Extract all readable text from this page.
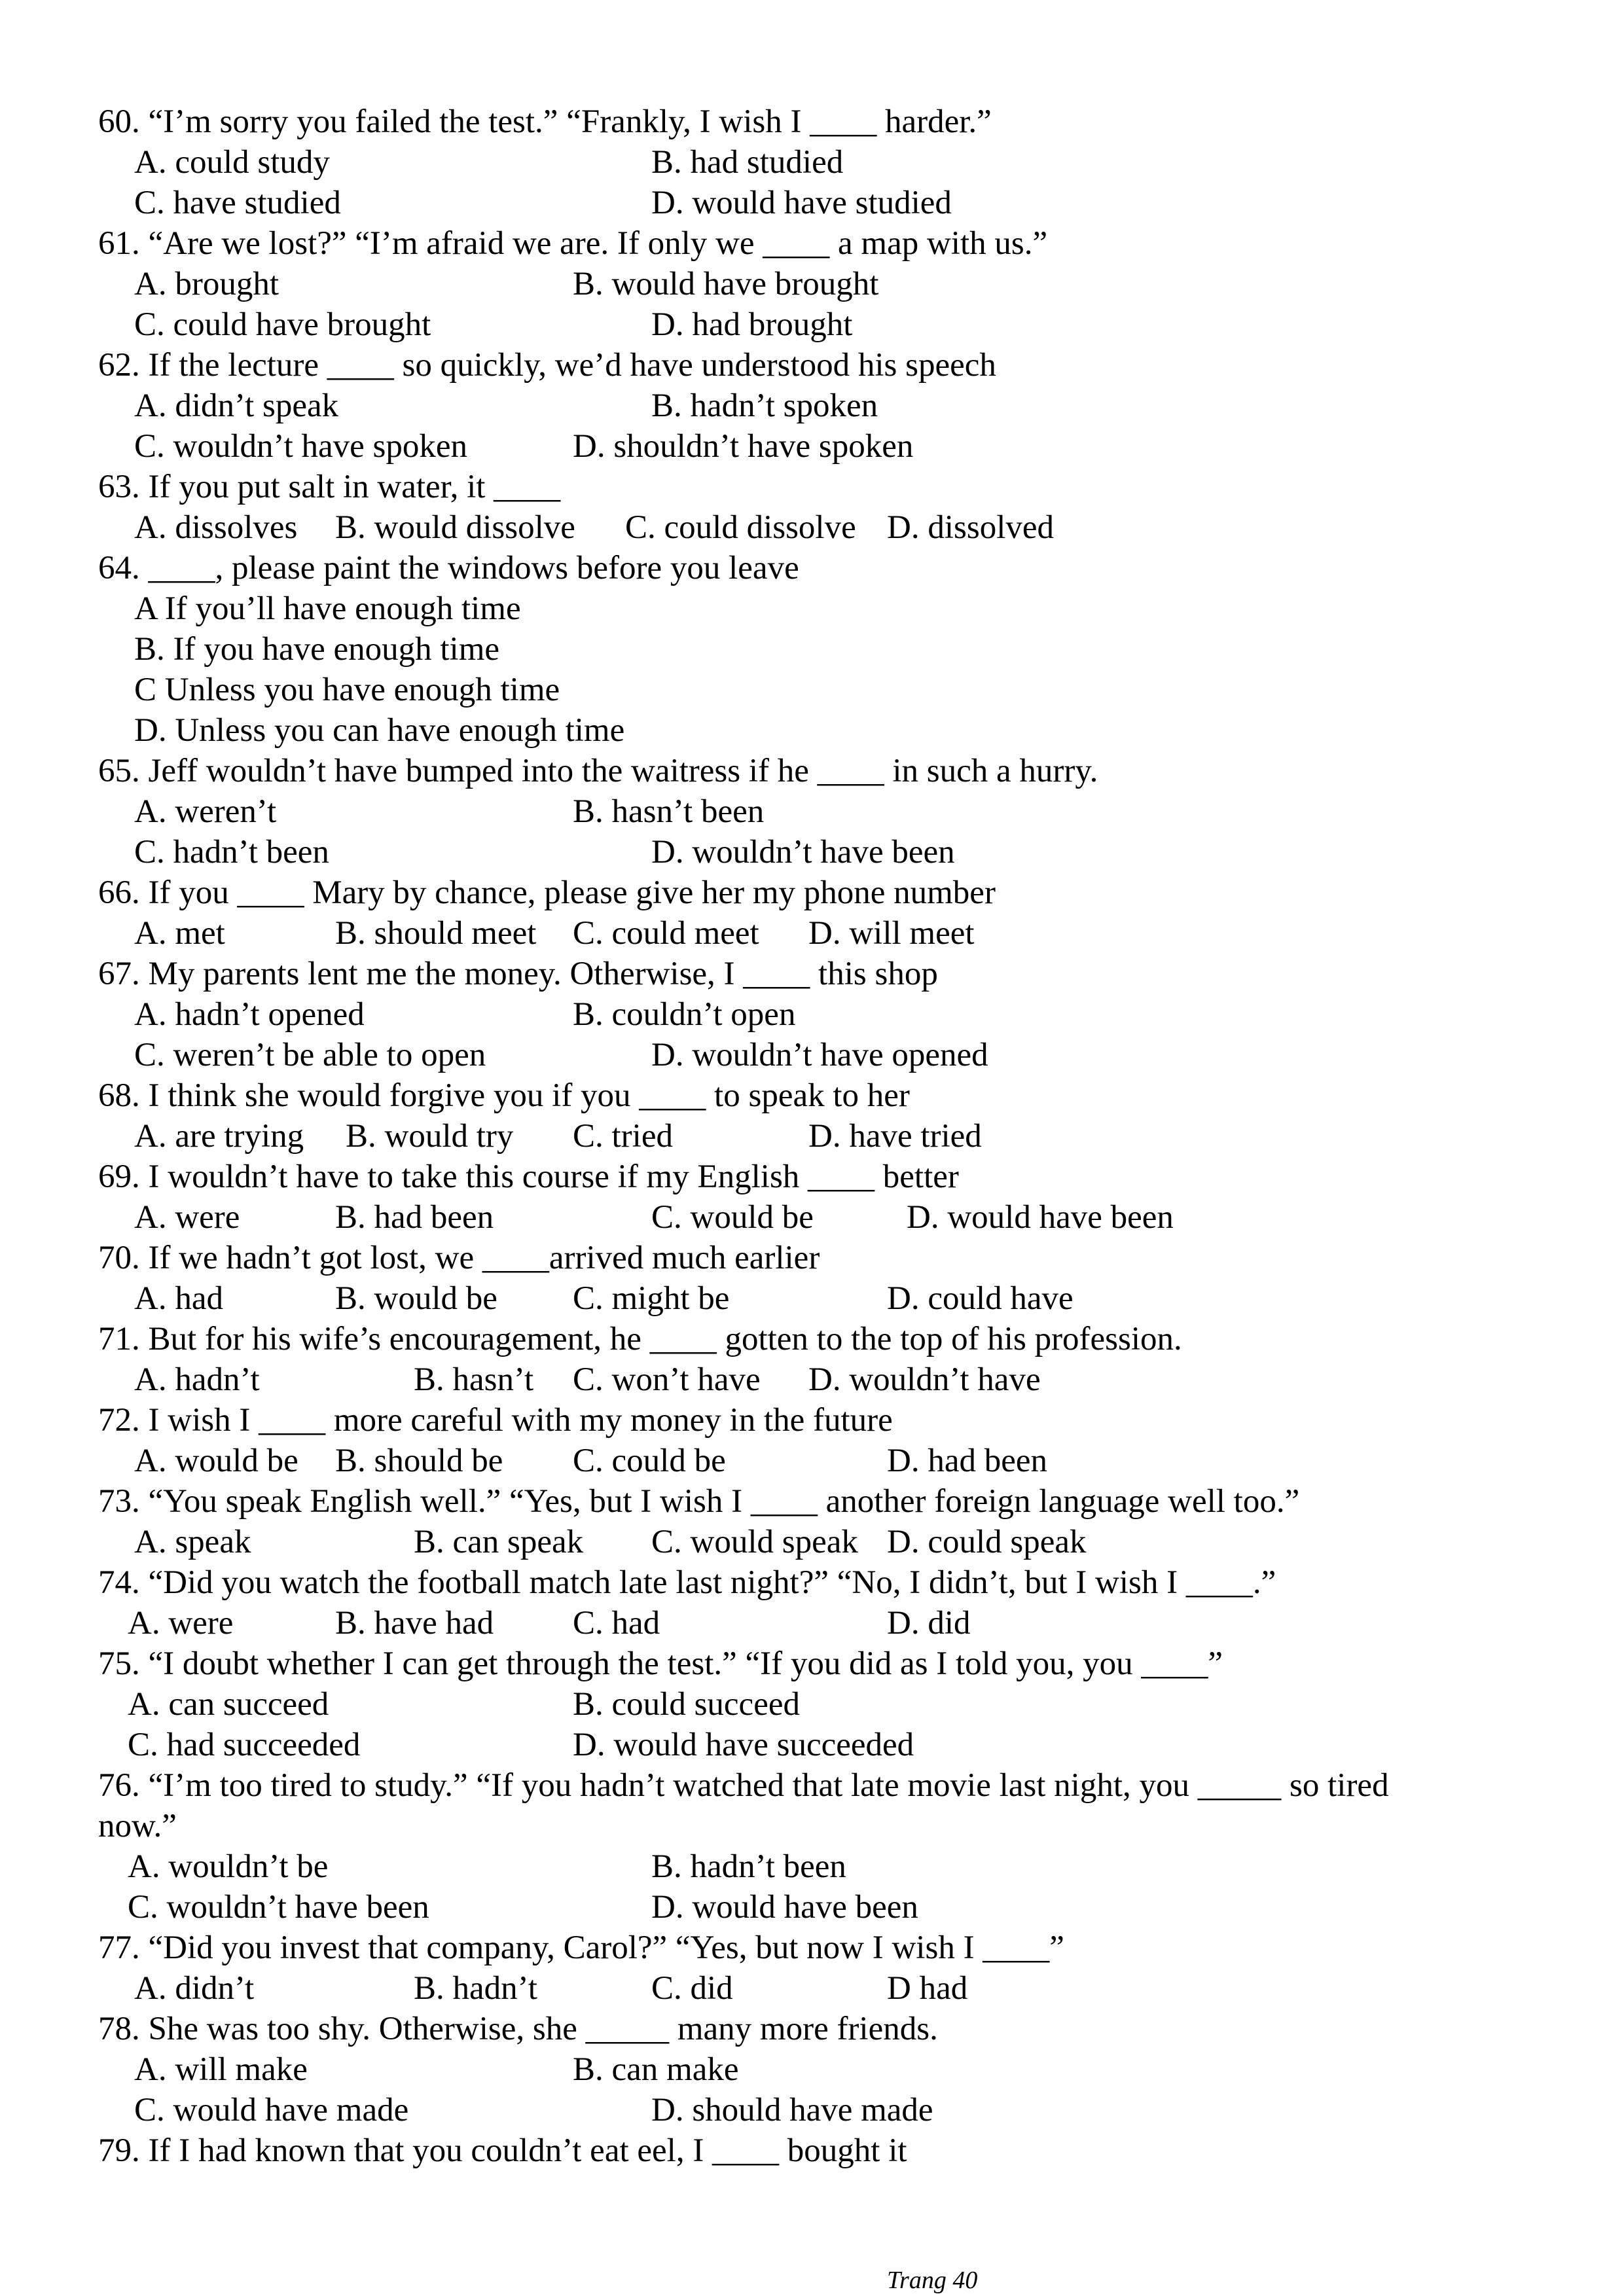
60. “I’m sorry you failed the test.” “Frankly, I wish I ____ harder.”
A. could study	B. had studied
C. have studied	D. would have studied
61. “Are we lost?” “I’m afraid we are. If only we ____ a map with us.”
A. brought	B. would have brought
C. could have brought	D. had brought
62. If the lecture ____ so quickly, we’d have understood his speech
A. didn’t speak	B. hadn’t spoken
C. wouldn’t have spoken	D. shouldn’t have spoken
63. If you put salt in water, it ____
A. dissolves B. would dissolve C. could dissolve D. dissolved
64. ____, please paint the windows before you leave
A If you’ll have enough time
B. If you have enough time
C Unless you have enough time
D. Unless you can have enough time
65. Jeff wouldn’t have bumped into the waitress if he ____ in such a hurry.
A. weren’t	B. hasn’t been
C. hadn’t been	D. wouldn’t have been
66. If you ____ Mary by chance, please give her my phone number
A. met	B. should meet C. could meet D. will meet
67. My parents lent me the money. Otherwise, I ____ this shop
A. hadn’t opened	B. couldn’t open
C. weren’t be able to open	D. wouldn’t have opened
68. I think she would forgive you if you ____ to speak to her
A. are trying B. would try C. tried	D. have tried
69. I wouldn’t have to take this course if my English ____ better
A. were	B. had been	C. would be	D. would have been
70. If we hadn’t got lost, we ____arrived much earlier
A. had	B. would be C. might be	D. could have
71. But for his wife’s encouragement, he ____ gotten to the top of his profession.
A. hadn’t	B. hasn’t C. won’t have D. wouldn’t have
72. I wish I ____ more careful with my money in the future
A. would be B. should be C. could be	D. had been
73. “You speak English well.” “Yes, but I wish I ____ another foreign language well too.”
A. speak	B. can speak C. would speak D. could speak
74. “Did you watch the football match late last night?” “No, I didn’t, but I wish I ____.”
A. were	B. have had C. had	D. did
75. “I doubt whether I can get through the test.” “If you did as I told you, you ____”
A. can succeed	B. could succeed
C. had succeeded	D. would have succeeded
76. “I’m too tired to study.” “If you hadn’t watched that late movie last night, you _____ so tired
now.”
A. wouldn’t be	B. hadn’t been
C. wouldn’t have been	D. would have been
77. “Did you invest that company, Carol?” “Yes, but now I wish I ____”
A. didn’t	B. hadn’t	C. did	D had
78. She was too shy. Otherwise, she _____ many more friends.
A. will make	B. can make
C. would have made	D. should have made
79. If I had known that you couldn’t eat eel, I ____ bought it
Trang 40
